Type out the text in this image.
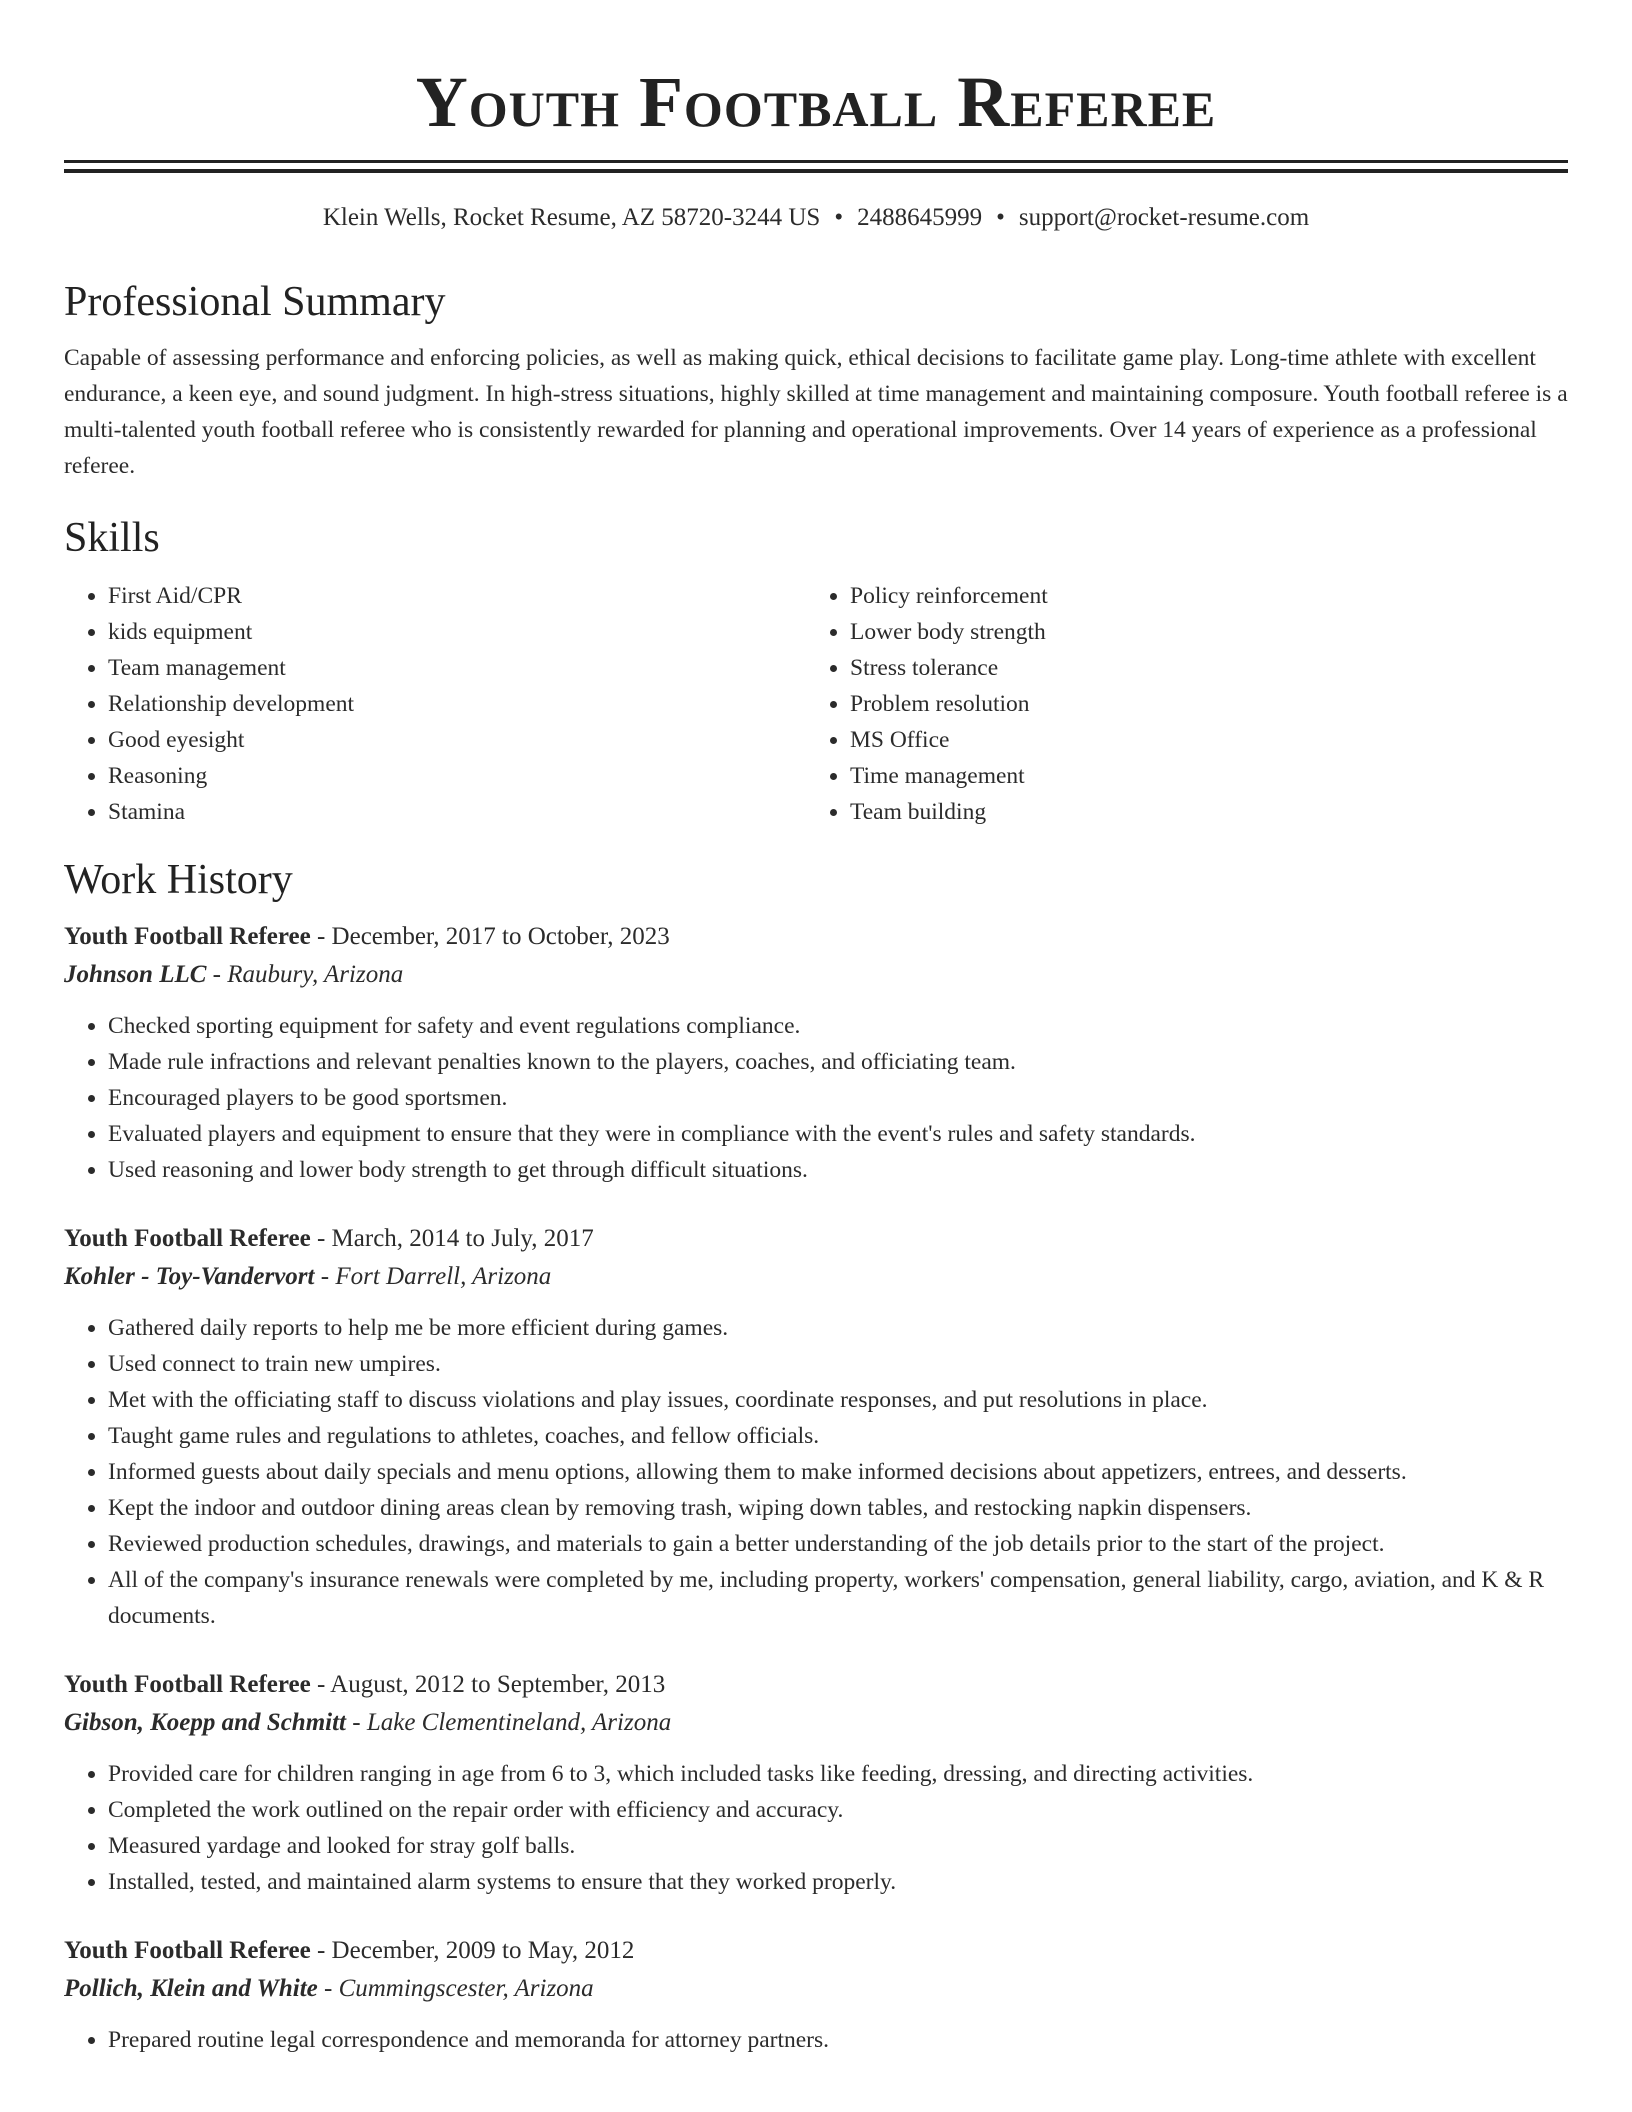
Youth Football Referee
Klein Wells, Rocket Resume, AZ 58720-3244 US • 2488645999 • support@rocket-resume.com
Professional Summary

Capable of assessing performance and enforcing policies, as well as making quick, ethical decisions to facilitate game play. Long-time athlete with excellent endurance, a keen eye, and sound judgment. In high-stress situations, highly skilled at time management and maintaining composure. Youth football referee is a multi-talented youth football referee who is consistently rewarded for planning and operational improvements. Over 14 years of experience as a professional referee.

Skills
• First Aid/CPR
• kids equipment
• Team management
• Relationship development
• Good eyesight
• Reasoning
• Stamina
• Policy reinforcement
• Lower body strength
• Stress tolerance
• Problem resolution
• MS Office
• Time management
• Team building
Work History
Youth Football Referee - December, 2017 to October, 2023
Johnson LLC - Raubury, Arizona
• Checked sporting equipment for safety and event regulations compliance.
• Made rule infractions and relevant penalties known to the players, coaches, and officiating team.
• Encouraged players to be good sportsmen.
• Evaluated players and equipment to ensure that they were in compliance with the event's rules and safety standards.
• Used reasoning and lower body strength to get through difficult situations.
Youth Football Referee - March, 2014 to July, 2017
Kohler - Toy-Vandervort - Fort Darrell, Arizona
• Gathered daily reports to help me be more efficient during games.
• Used connect to train new umpires.
• Met with the officiating staff to discuss violations and play issues, coordinate responses, and put resolutions in place.
• Taught game rules and regulations to athletes, coaches, and fellow officials.
• Informed guests about daily specials and menu options, allowing them to make informed decisions about appetizers, entrees, and desserts.
• Kept the indoor and outdoor dining areas clean by removing trash, wiping down tables, and restocking napkin dispensers.
• Reviewed production schedules, drawings, and materials to gain a better understanding of the job details prior to the start of the project.
• All of the company's insurance renewals were completed by me, including property, workers' compensation, general liability, cargo, aviation, and K & R documents.
Youth Football Referee - August, 2012 to September, 2013
Gibson, Koepp and Schmitt - Lake Clementineland, Arizona
• Provided care for children ranging in age from 6 to 3, which included tasks like feeding, dressing, and directing activities.
• Completed the work outlined on the repair order with efficiency and accuracy.
• Measured yardage and looked for stray golf balls.
• Installed, tested, and maintained alarm systems to ensure that they worked properly.
Youth Football Referee - December, 2009 to May, 2012
Pollich, Klein and White - Cummingscester, Arizona
• Prepared routine legal correspondence and memoranda for attorney partners.
